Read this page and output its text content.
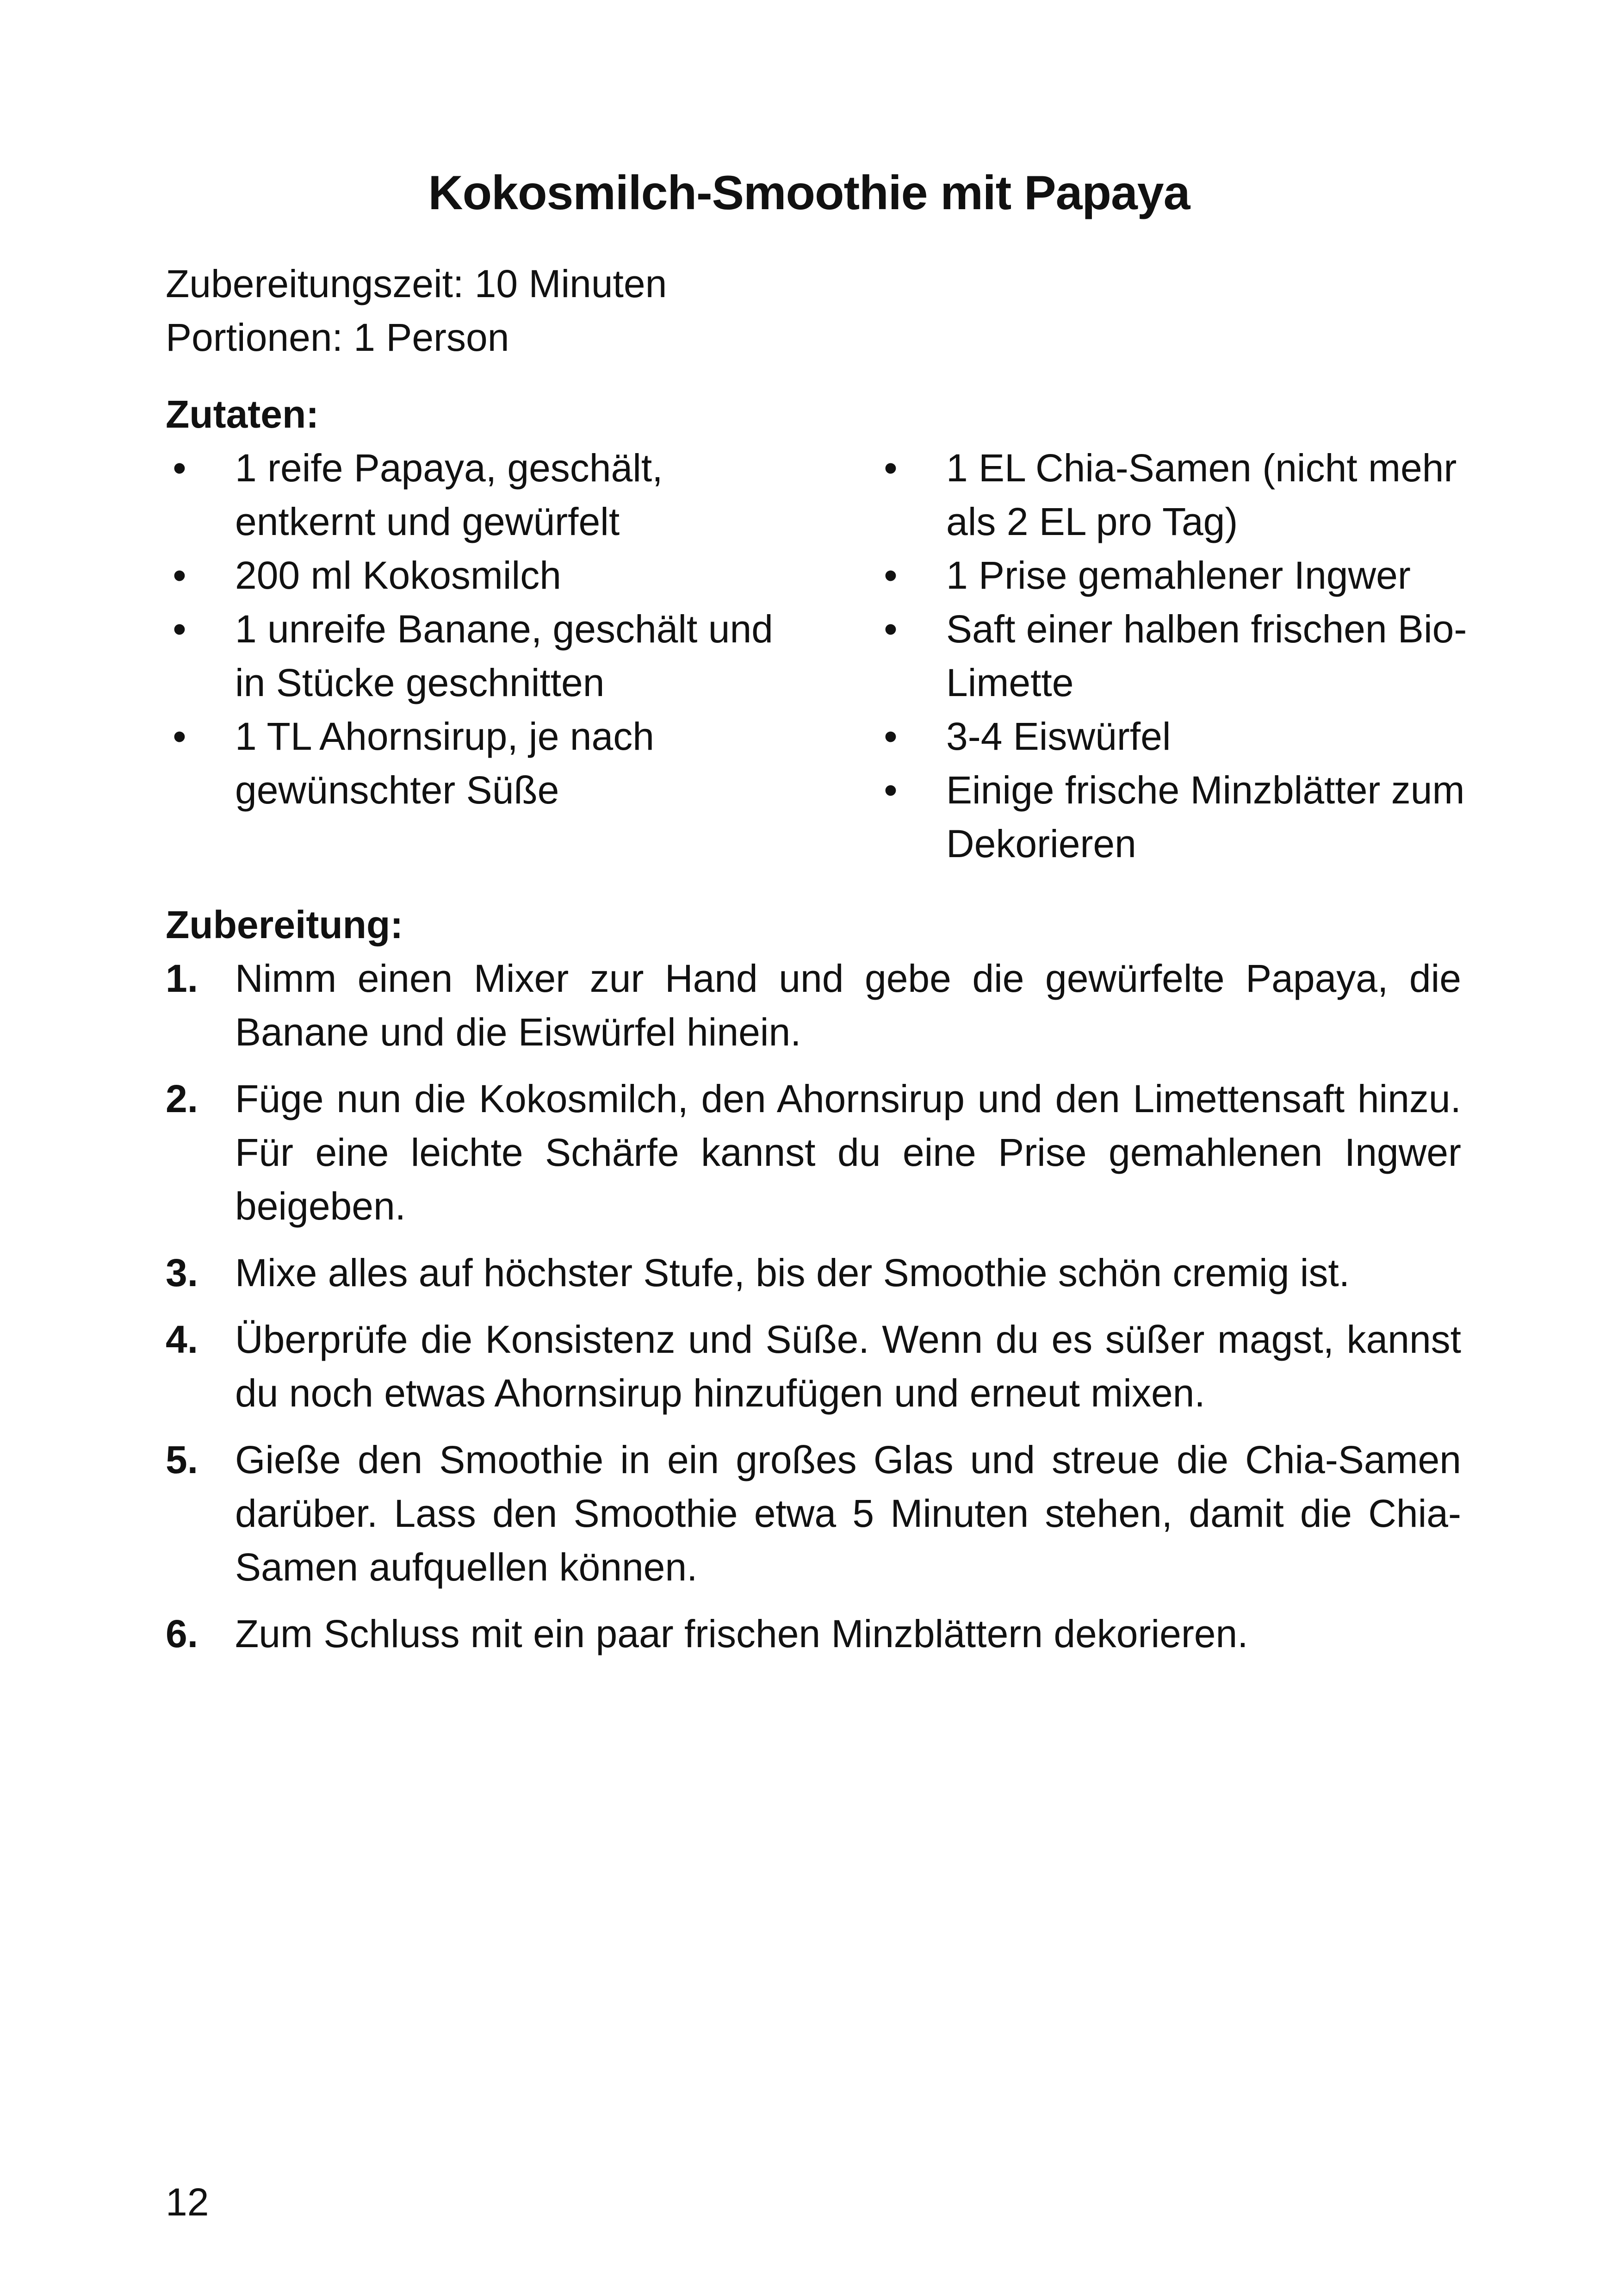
Kokosmilch-Smoothie mit Papaya
Zubereitungszeit: 10 Minuten
Portionen: 1 Person
Zutaten:
• 1 reife Papaya, geschält, entkernt und gewürfelt
• 200 ml Kokosmilch
• 1 unreife Banane, geschält und in Stücke geschnitten
• 1 TL Ahornsirup, je nach gewünschter Süße
• 1 EL Chia-Samen (nicht mehr als 2 EL pro Tag)
• 1 Prise gemahlener Ingwer
• Saft einer halben frischen Bio-Limette
• 3-4 Eiswürfel
• Einige frische Minzblätter zum Dekorieren
Zubereitung:
1. Nimm einen Mixer zur Hand und gebe die gewürfelte Papaya, die Banane und die Eiswürfel hinein.
2. Füge nun die Kokosmilch, den Ahornsirup und den Limettensaft hinzu. Für eine leichte Schärfe kannst du eine Prise gemahlenen Ingwer beigeben.
3. Mixe alles auf höchster Stufe, bis der Smoothie schön cremig ist.
4. Überprüfe die Konsistenz und Süße. Wenn du es süßer magst, kannst du noch etwas Ahornsirup hinzufügen und erneut mixen.
5. Gieße den Smoothie in ein großes Glas und streue die Chia-Samen darüber. Lass den Smoothie etwa 5 Minuten stehen, damit die Chia-Samen aufquellen können.
6. Zum Schluss mit ein paar frischen Minzblättern dekorieren.
12
